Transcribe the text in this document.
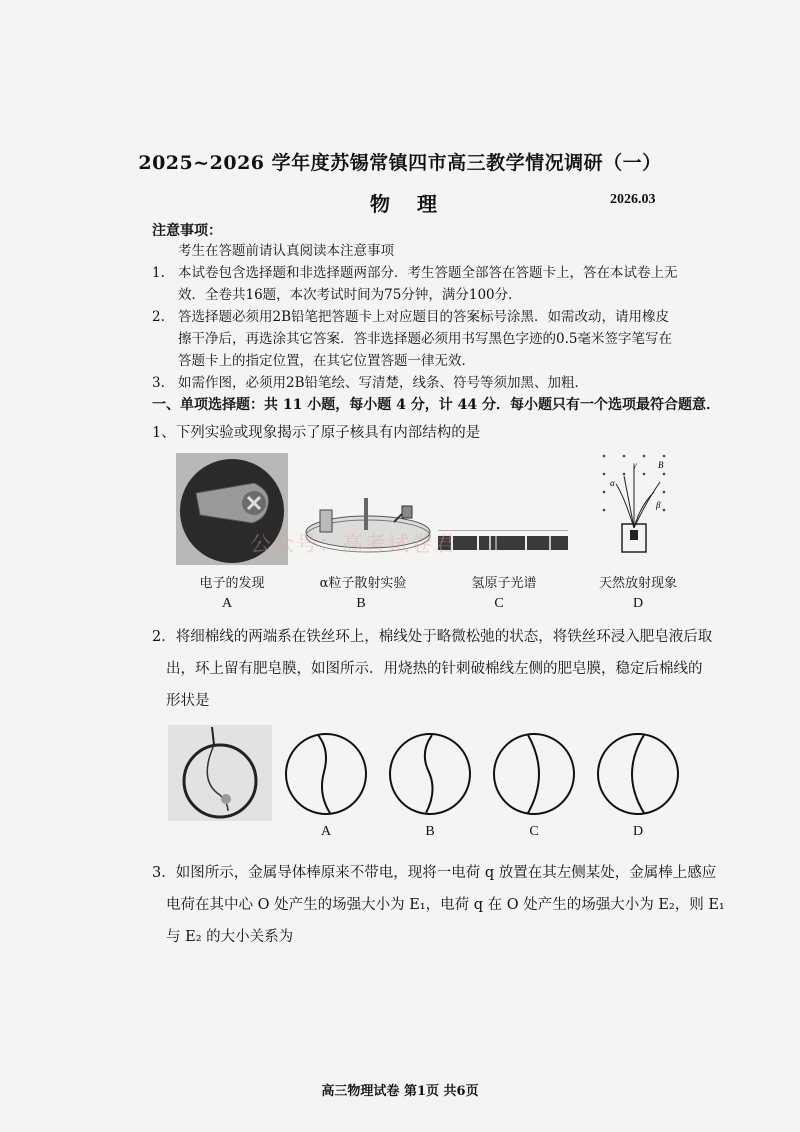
2025~2026 学年度苏锡常镇四市高三教学情况调研（一）
物 理	2026.03
注意事项：
考生在答题前请认真阅读本注意事项
1. 本试卷包含选择题和非选择题两部分．考生答题全部答在答题卡上，答在本试卷上无
效．全卷共16题，本次考试时间为75分钟，满分100分．
2. 答选择题必须用2B铅笔把答题卡上对应题目的答案标号涂黑．如需改动，请用橡皮
擦干净后，再选涂其它答案．答非选择题必须用书写黑色字迹的0.5毫米签字笔写在
答题卡上的指定位置，在其它位置答题一律无效．
3. 如需作图，必须用2B铅笔绘、写清楚，线条、符号等须加黑、加粗．
一、单项选择题：共 11 小题，每小题 4 分，计 44 分．每小题只有一个选项最符合题意．
1、下列实验或现象揭示了原子核具有内部结构的是
B
α
γ
β
电子的发现	α粒子散射实验	氢原子光谱	天然放射现象
A	B	C	D
公众号：高考试卷君
2．将细棉线的两端系在铁丝环上，棉线处于略微松弛的状态，将铁丝环浸入肥皂液后取
出，环上留有肥皂膜，如图所示．用烧热的针刺破棉线左侧的肥皂膜，稳定后棉线的
形状是
A	B	C	D
3．如图所示，金属导体棒原来不带电，现将一电荷 q 放置在其左侧某处，金属棒上感应
电荷在其中心 O 处产生的场强大小为 E₁，电荷 q 在 O 处产生的场强大小为 E₂，则 E₁
与 E₂ 的大小关系为
高三物理试卷 第1页 共6页
